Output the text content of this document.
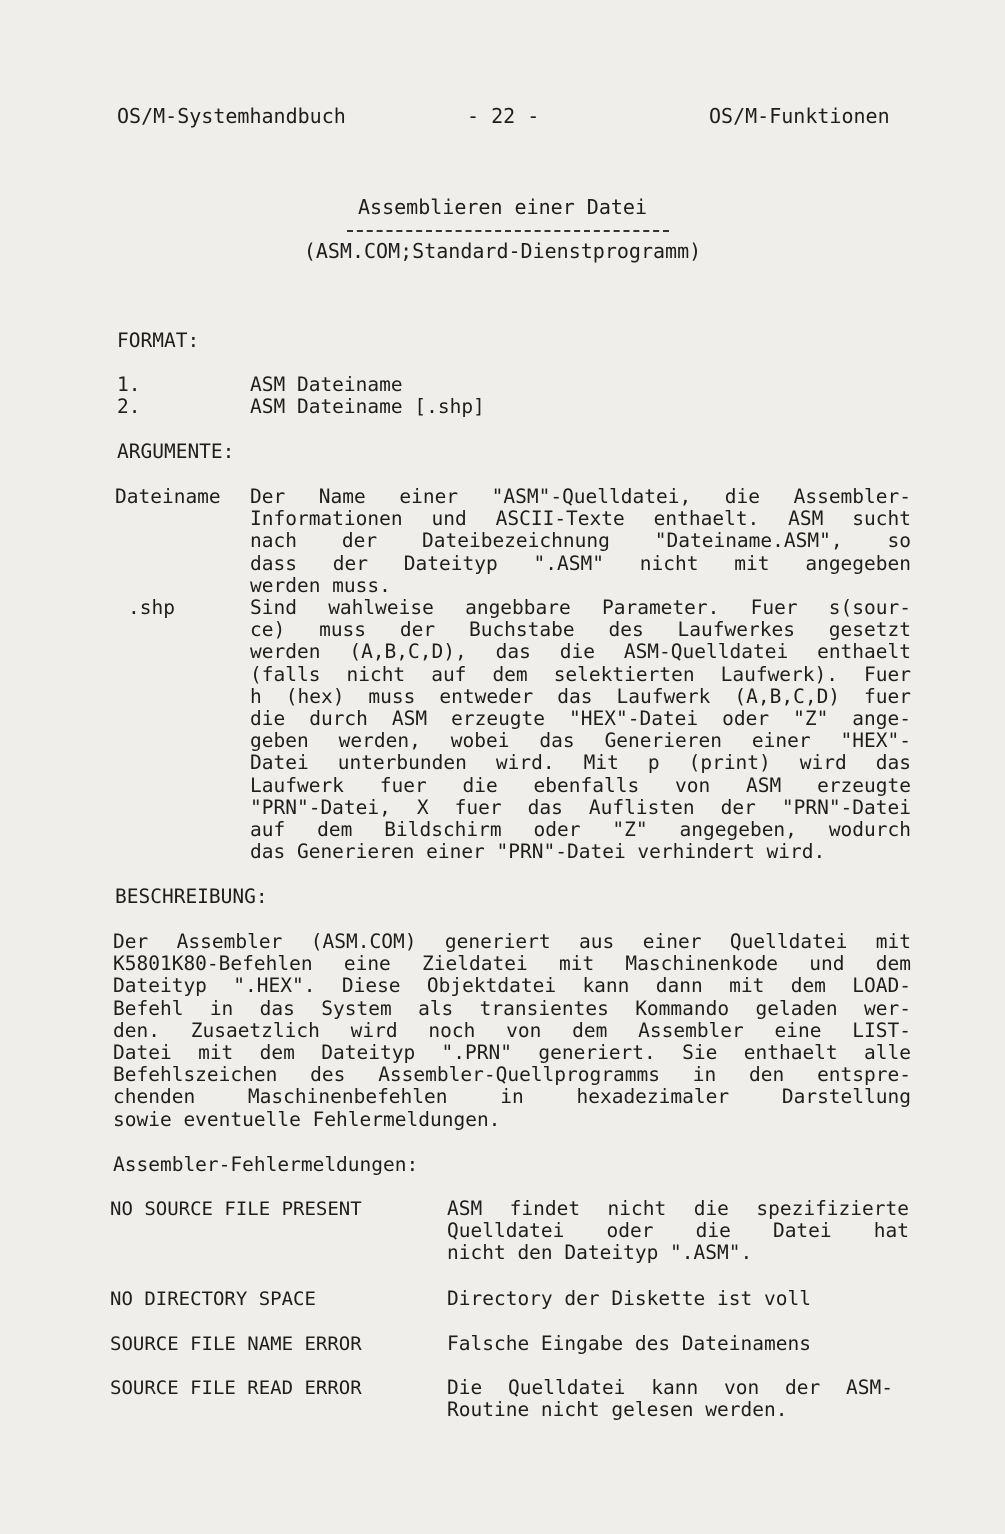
OS/M-Systemhandbuch	- 22 -	OS/M-Funktionen
Assemblieren einer Datei
(ASM.COM;Standard-Dienstprogramm)
FORMAT:
1.	ASM Dateiname
2.	ASM Dateiname [.shp]
ARGUMENTE:
Dateiname Der Name einer "ASM"-Quelldatei, die Assembler-
Informationen und ASCII-Texte enthaelt. ASM sucht
nach der Dateibezeichnung "Dateiname.ASM", so
dass der Dateityp ".ASM" nicht mit angegeben
werden muss.
.shp	Sind wahlweise angebbare Parameter. Fuer s(sour-
ce) muss der Buchstabe des Laufwerkes gesetzt
werden (A,B,C,D), das die ASM-Quelldatei enthaelt
(falls nicht auf dem selektierten Laufwerk). Fuer
h (hex) muss entweder das Laufwerk (A,B,C,D) fuer
die durch ASM erzeugte "HEX"-Datei oder "Z" ange-
geben werden, wobei das Generieren einer "HEX"-
Datei unterbunden wird. Mit p (print) wird das
Laufwerk fuer die ebenfalls von ASM erzeugte
"PRN"-Datei, X fuer das Auflisten der "PRN"-Datei
auf dem Bildschirm oder "Z" angegeben, wodurch
das Generieren einer "PRN"-Datei verhindert wird.
BESCHREIBUNG:
Der Assembler (ASM.COM) generiert aus einer Quelldatei mit
K5801K80-Befehlen eine Zieldatei mit Maschinenkode und dem
Dateityp ".HEX". Diese Objektdatei kann dann mit dem LOAD-
Befehl in das System als transientes Kommando geladen wer-
den. Zusaetzlich wird noch von dem Assembler eine LIST-
Datei mit dem Dateityp ".PRN" generiert. Sie enthaelt alle
Befehlszeichen des Assembler-Quellprogramms in den entspre-
chenden Maschinenbefehlen in hexadezimaler Darstellung
sowie eventuelle Fehlermeldungen.
Assembler-Fehlermeldungen:
NO SOURCE FILE PRESENT	ASM findet nicht die spezifizierte
Quelldatei oder die Datei hat
nicht den Dateityp ".ASM".
NO DIRECTORY SPACE	Directory der Diskette ist voll
SOURCE FILE NAME ERROR	Falsche Eingabe des Dateinamens
SOURCE FILE READ ERROR	Die Quelldatei kann von der ASM-
Routine nicht gelesen werden.
